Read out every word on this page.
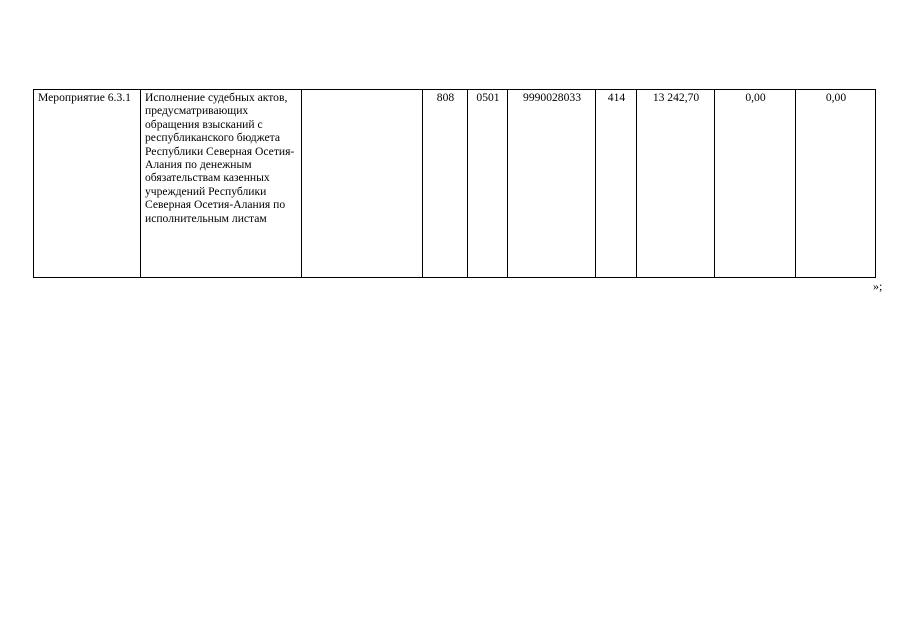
Мероприятие 6.3.1	Исполнение судебных актов, предусматривающих обращения взысканий с республиканского бюджета Республики Северная Осетия-Алания по денежным обязательствам казенных учреждений Республики Северная Осетия-Алания по исполнительным листам		808	0501	9990028033	414	13 242,70	0,00	0,00
»;
